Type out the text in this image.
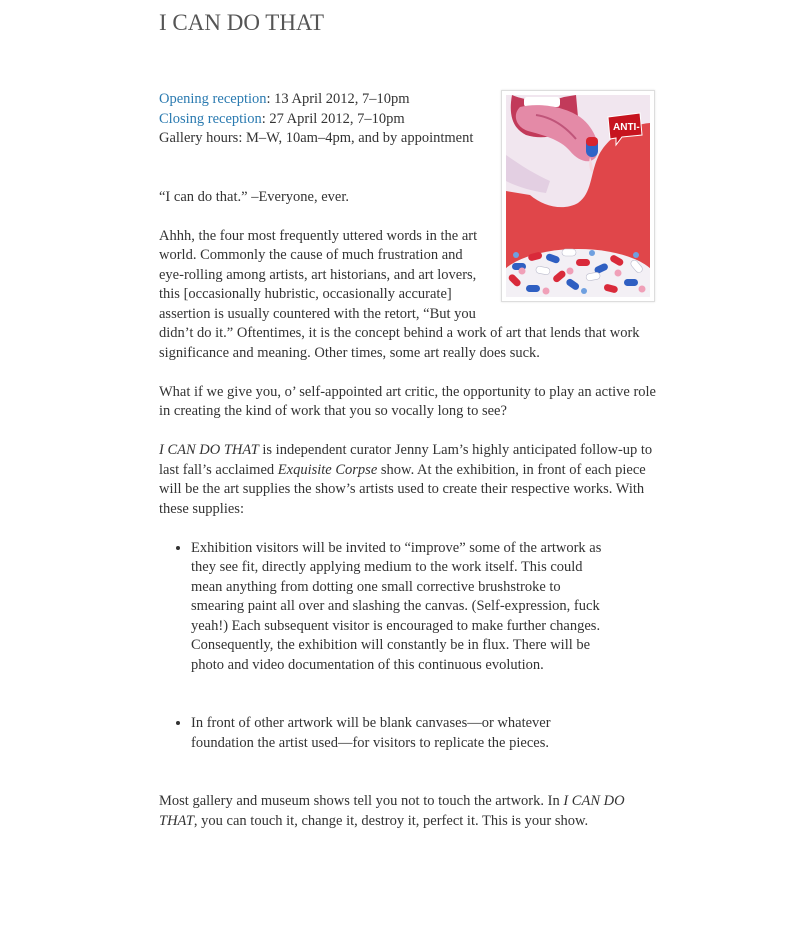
I CAN DO THAT
ANTI-
Opening reception: 13 April 2012, 7–10pm
Closing reception: 27 April 2012, 7–10pm
Gallery hours: M–W, 10am–4pm, and by appointment

“I can do that.” –Everyone, ever.

Ahhh, the four most frequently uttered words in the art world. Commonly the cause of much frustration and eye-rolling among artists, art historians, and art lovers, this [occasionally hubristic, occasionally accurate] assertion is usually countered with the retort, “But you didn’t do it.” Oftentimes, it is the concept behind a work of art that lends that work significance and meaning. Other times, some art really does suck.

What if we give you, o’ self-appointed art critic, the opportunity to play an active role in creating the kind of work that you so vocally long to see?

I CAN DO THAT is independent curator Jenny Lam’s highly anticipated follow-up to last fall’s acclaimed Exquisite Corpse show. At the exhibition, in front of each piece will be the art supplies the show’s artists used to create their respective works. With these supplies:

• Exhibition visitors will be invited to “improve” some of the artwork as they see fit, directly applying medium to the work itself. This could mean anything from dotting one small corrective brushstroke to smearing paint all over and slashing the canvas. (Self-expression, fuck yeah!) Each subsequent visitor is encouraged to make further changes. Consequently, the exhibition will constantly be in flux. There will be photo and video documentation of this continuous evolution.
• In front of other artwork will be blank canvases—or whatever foundation the artist used—for visitors to replicate the pieces.

Most gallery and museum shows tell you not to touch the artwork. In I CAN DO THAT, you can touch it, change it, destroy it, perfect it. This is your show.
